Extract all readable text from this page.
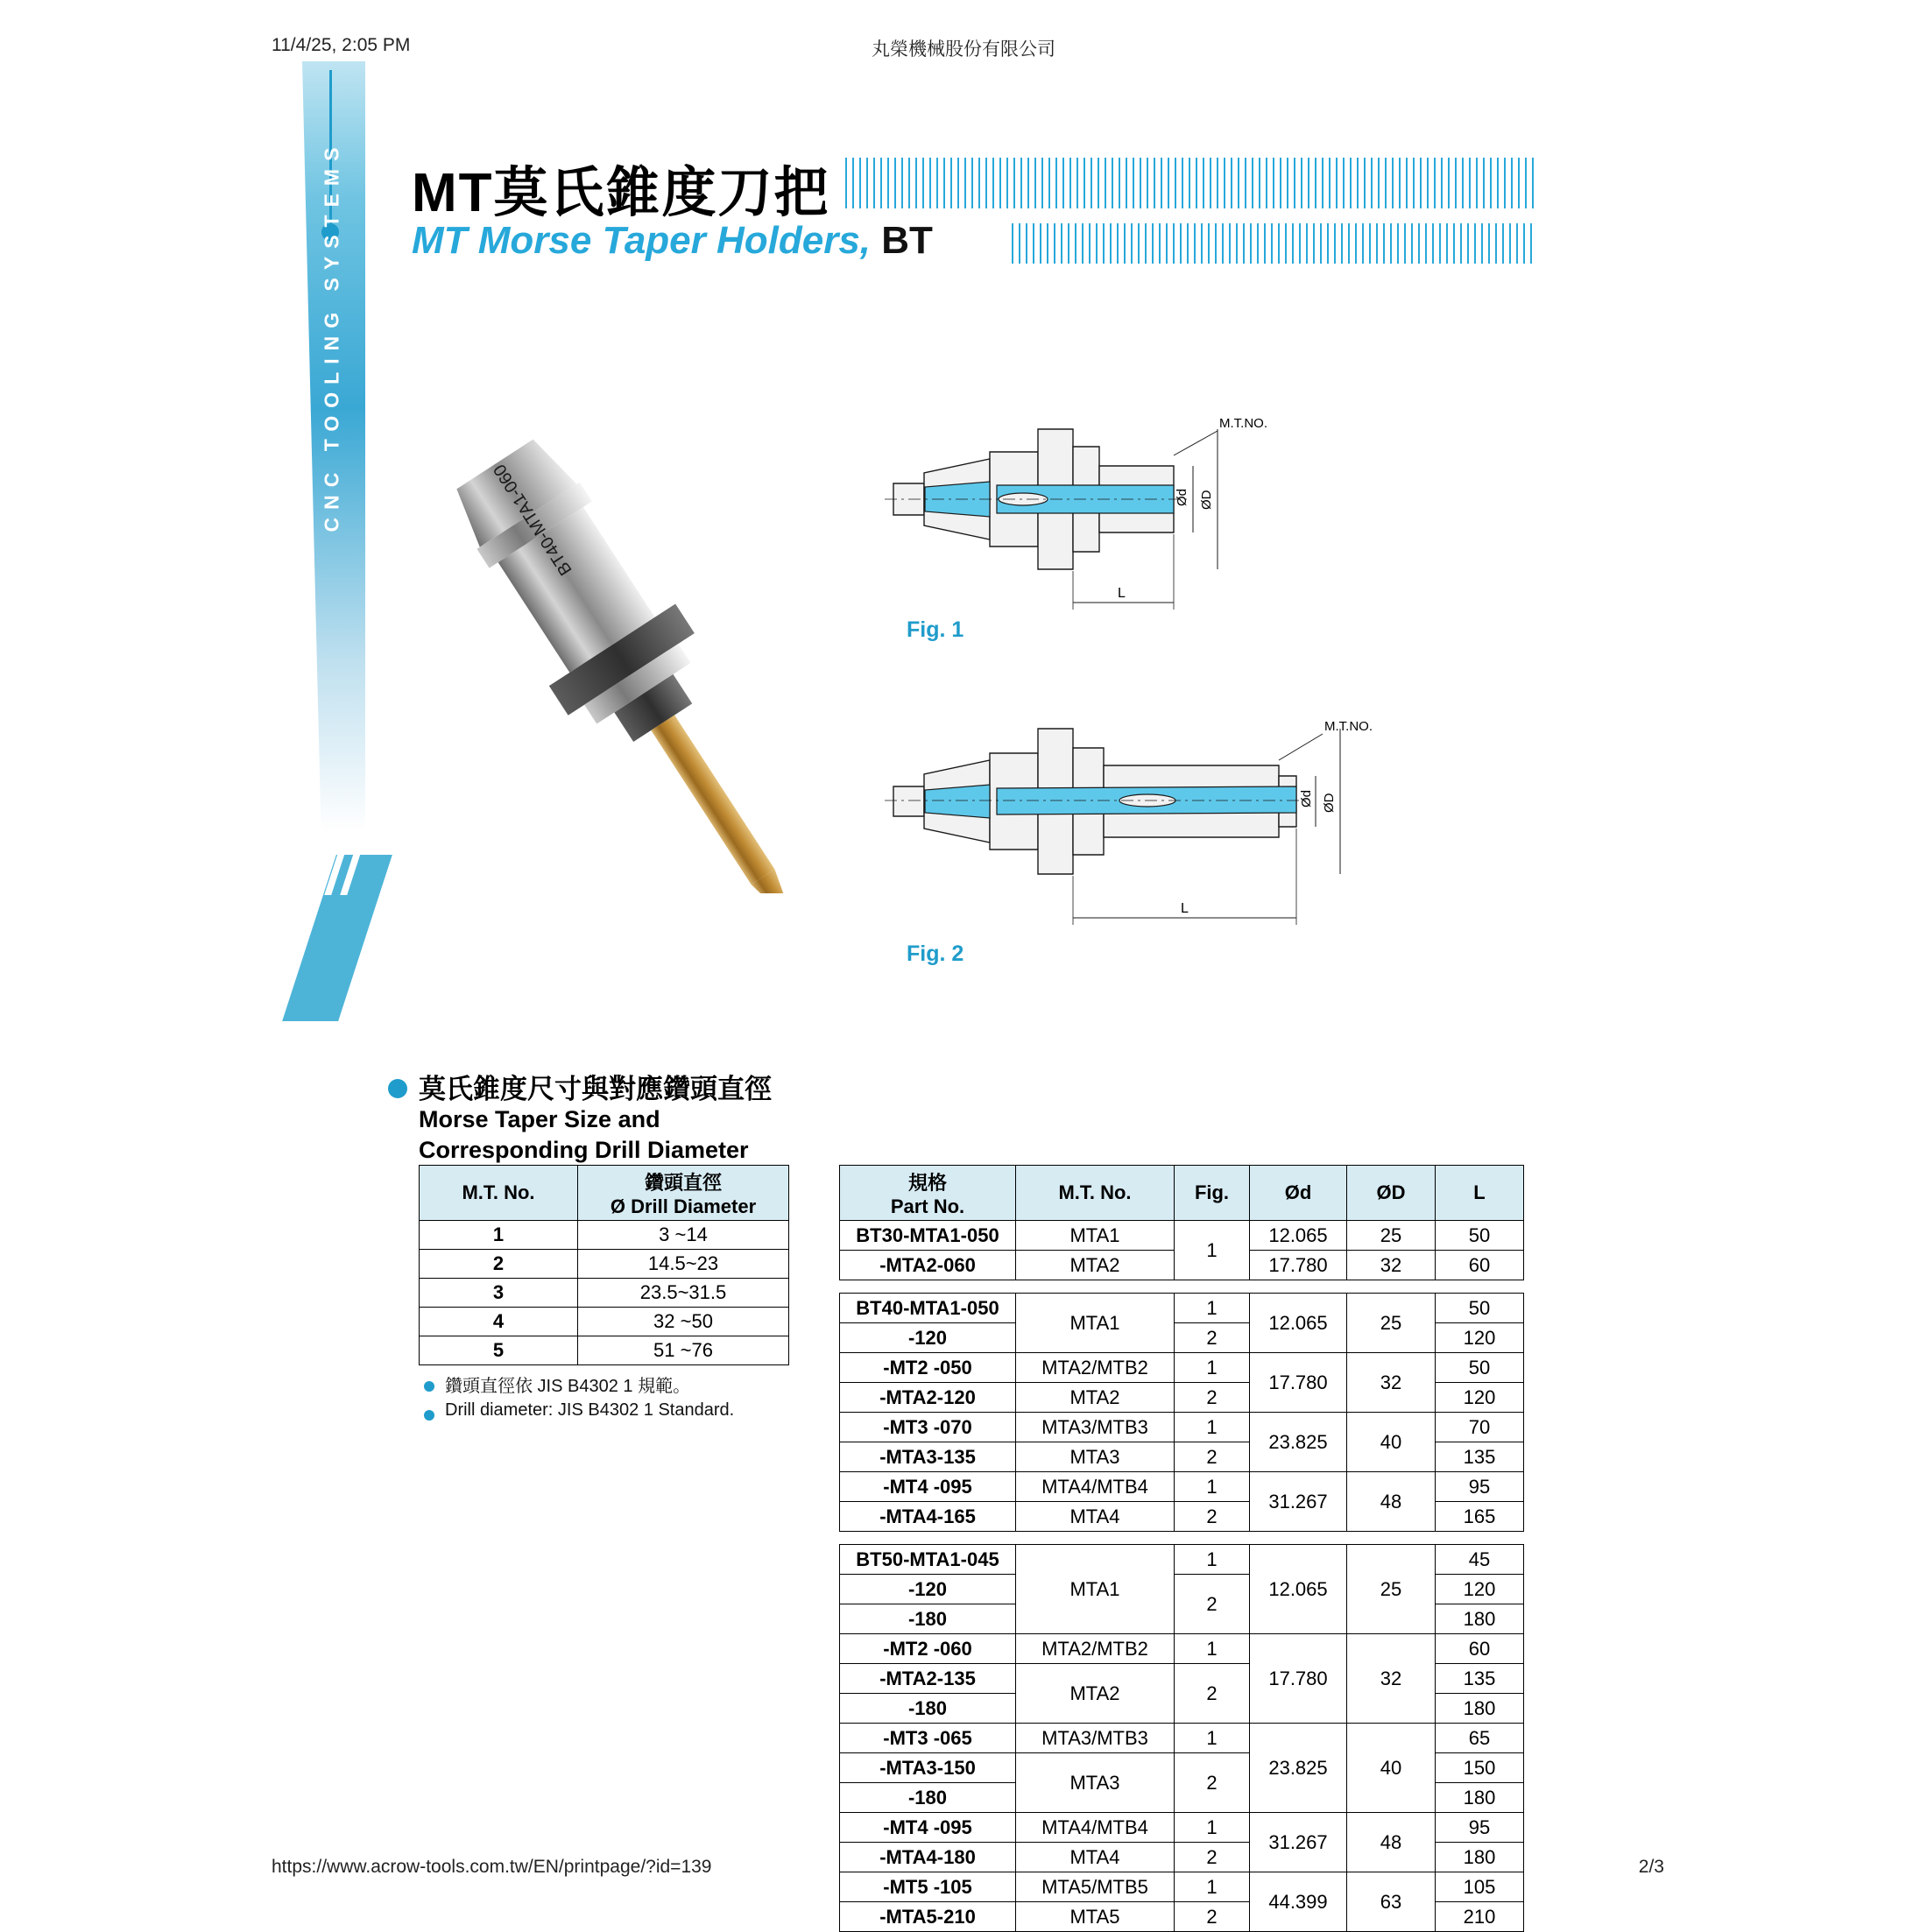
11/4/25, 2:05 PM	丸榮機械股份有限公司
CNC TOOLING SYSTEMS MT莫氏錐度刀把
MT Morse Taper Holders, BT
BT40-MTA1-060
Fig. 1
M.T.NO.
Ød ØD
L
Fig. 2
M.T.NO.
Ød ØD
L
莫氏錐度尺寸與對應鑽頭直徑
Morse Taper Size and
Corresponding Drill Diameter
M.T. No.	鑽頭直徑
Ø Drill Diameter

1	3 ~14
2	14.5~23
3	23.5~31.5
4	32 ~50
5	51 ~76
鑽頭直徑依 JIS B4302 1 規範。
Drill diameter: JIS B4302 1 Standard.
規格
Part No.	M.T. No.	Fig.	Ød	ØD	L
BT30-MTA1-050	MTA1	1	12.065	25	50
-MTA2-060	MTA2		17.780	32	60

BT40-MTA1-050	MTA1	1	12.065	25	50
-120		2			120
-MT2 -050	MTA2/MTB2	1	17.780	32	50
-MTA2-120	MTA2	2			120
-MT3 -070	MTA3/MTB3	1	23.825	40	70
-MTA3-135	MTA3	2			135
-MT4 -095	MTA4/MTB4	1	31.267	48	95
-MTA4-165	MTA4	2			165

BT50-MTA1-045	MTA1	1	12.065	25	45
-120		2			120
-180					180
-MT2 -060	MTA2/MTB2	1	17.780	32	60
-MTA2-135	MTA2	2			135
-180					180
-MT3 -065	MTA3/MTB3	1	23.825	40	65
-MTA3-150	MTA3	2			150
-180					180
-MT4 -095	MTA4/MTB4	1	31.267	48	95
-MTA4-180	MTA4	2			180
-MT5 -105	MTA5/MTB5	1	44.399	63	105
-MTA5-210	MTA5	2			210
https://www.acrow-tools.com.tw/EN/printpage/?id=139	2/3
